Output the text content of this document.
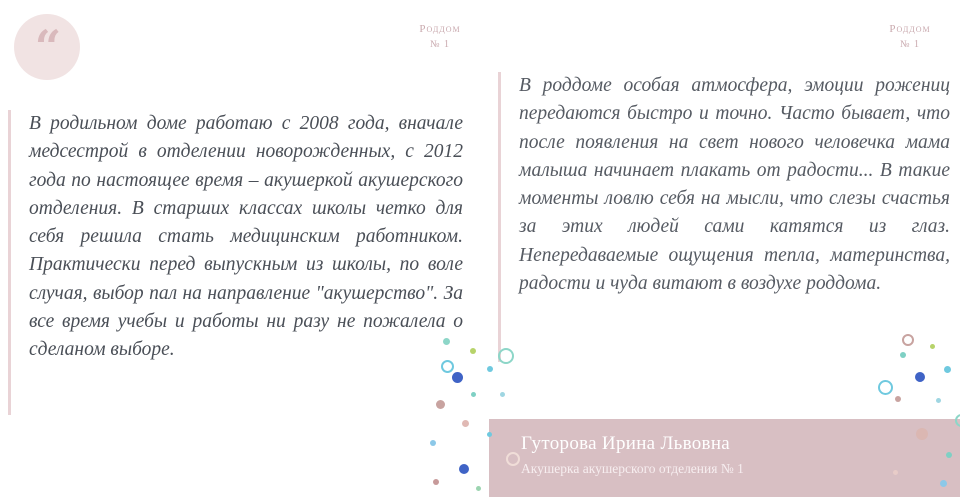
“	Роддом
№ 1
Роддом
№ 1

В родильном доме работаю с 2008 года, вначале медсестрой в отделении новорожденных, с 2012 года по настоящее время – акушеркой акушерского отделения. В старших классах школы четко для себя решила стать медицинским работником. Практически перед выпускным из школы, по воле случая, выбор пал на направление "акушерство". За все время учебы и работы ни разу не пожалела о сделаном выборе.

В роддоме особая атмосфера, эмоции рожениц передаются быстро и точно. Часто бывает, что после появления на свет нового человечка мама малыша начинает плакать от радости... В такие моменты ловлю себя на мысли, что слезы счастья за этих людей сами катятся из глаз. Непередаваемые ощущения тепла, материнства, радости и чуда витают в воздухе роддома.

Гуторова Ирина Львовна
Акушерка акушерского отделения № 1
